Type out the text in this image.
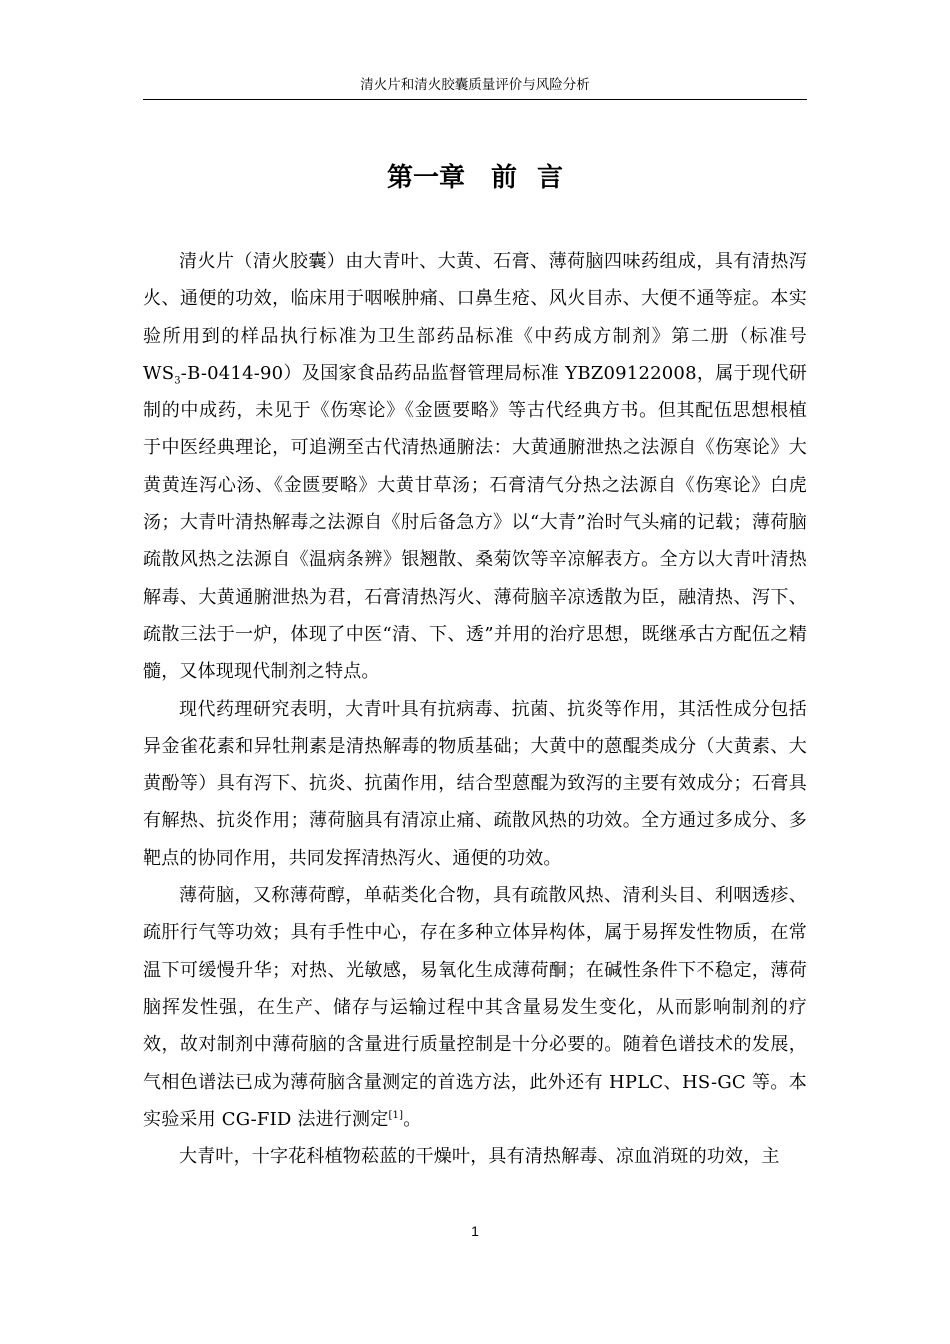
清火片和清火胶囊质量评价与风险分析
第一章 前 言

清火片（清火胶囊）由大青叶、大黄、石膏、薄荷脑四味药组成，具有清热泻火、通便的功效，临床用于咽喉肿痛、口鼻生疮、风火目赤、大便不通等症。本实验所用到的样品执行标准为卫生部药品标准《中药成方制剂》第二册（标准号 $WS_3-B-0414-90$）及国家食品药品监督管理局标准 YBZ09122008，属于现代研制的中成药，未见于《伤寒论》《金匮要略》等古代经典方书。但其配伍思想根植于中医经典理论，可追溯至古代清热通腑法：大黄通腑泄热之法源自《伤寒论》大黄黄连泻心汤、《金匮要略》大黄甘草汤；石膏清气分热之法源自《伤寒论》白虎汤；大青叶清热解毒之法源自《肘后备急方》以“大青”治时气头痛的记载；薄荷脑疏散风热之法源自《温病条辨》银翘散、桑菊饮等辛凉解表方。全方以大青叶清热解毒、大黄通腑泄热为君，石膏清热泻火、薄荷脑辛凉透散为臣，融清热、泻下、疏散三法于一炉，体现了中医“清、下、透”并用的治疗思想，既继承古方配伍之精髓，又体现现代制剂之特点。

现代药理研究表明，大青叶具有抗病毒、抗菌、抗炎等作用，其活性成分包括异金雀花素和异牡荆素是清热解毒的物质基础；大黄中的蒽醌类成分（大黄素、大黄酚等）具有泻下、抗炎、抗菌作用，结合型蒽醌为致泻的主要有效成分；石膏具有解热、抗炎作用；薄荷脑具有清凉止痛、疏散风热的功效。全方通过多成分、多靶点的协同作用，共同发挥清热泻火、通便的功效。

薄荷脑，又称薄荷醇，单萜类化合物，具有疏散风热、清利头目、利咽透疹、疏肝行气等功效；具有手性中心，存在多种立体异构体，属于易挥发性物质，在常温下可缓慢升华；对热、光敏感，易氧化生成薄荷酮；在碱性条件下不稳定，薄荷脑挥发性强，在生产、储存与运输过程中其含量易发生变化，从而影响制剂的疗效，故对制剂中薄荷脑的含量进行质量控制是十分必要的。随着色谱技术的发展，气相色谱法已成为薄荷脑含量测定的首选方法，此外还有 HPLC、HS-GC 等。本实验采用 CG-FID 法进行测定[1]。

大青叶，十字花科植物菘蓝的干燥叶，具有清热解毒、凉血消斑的功效，主

1
